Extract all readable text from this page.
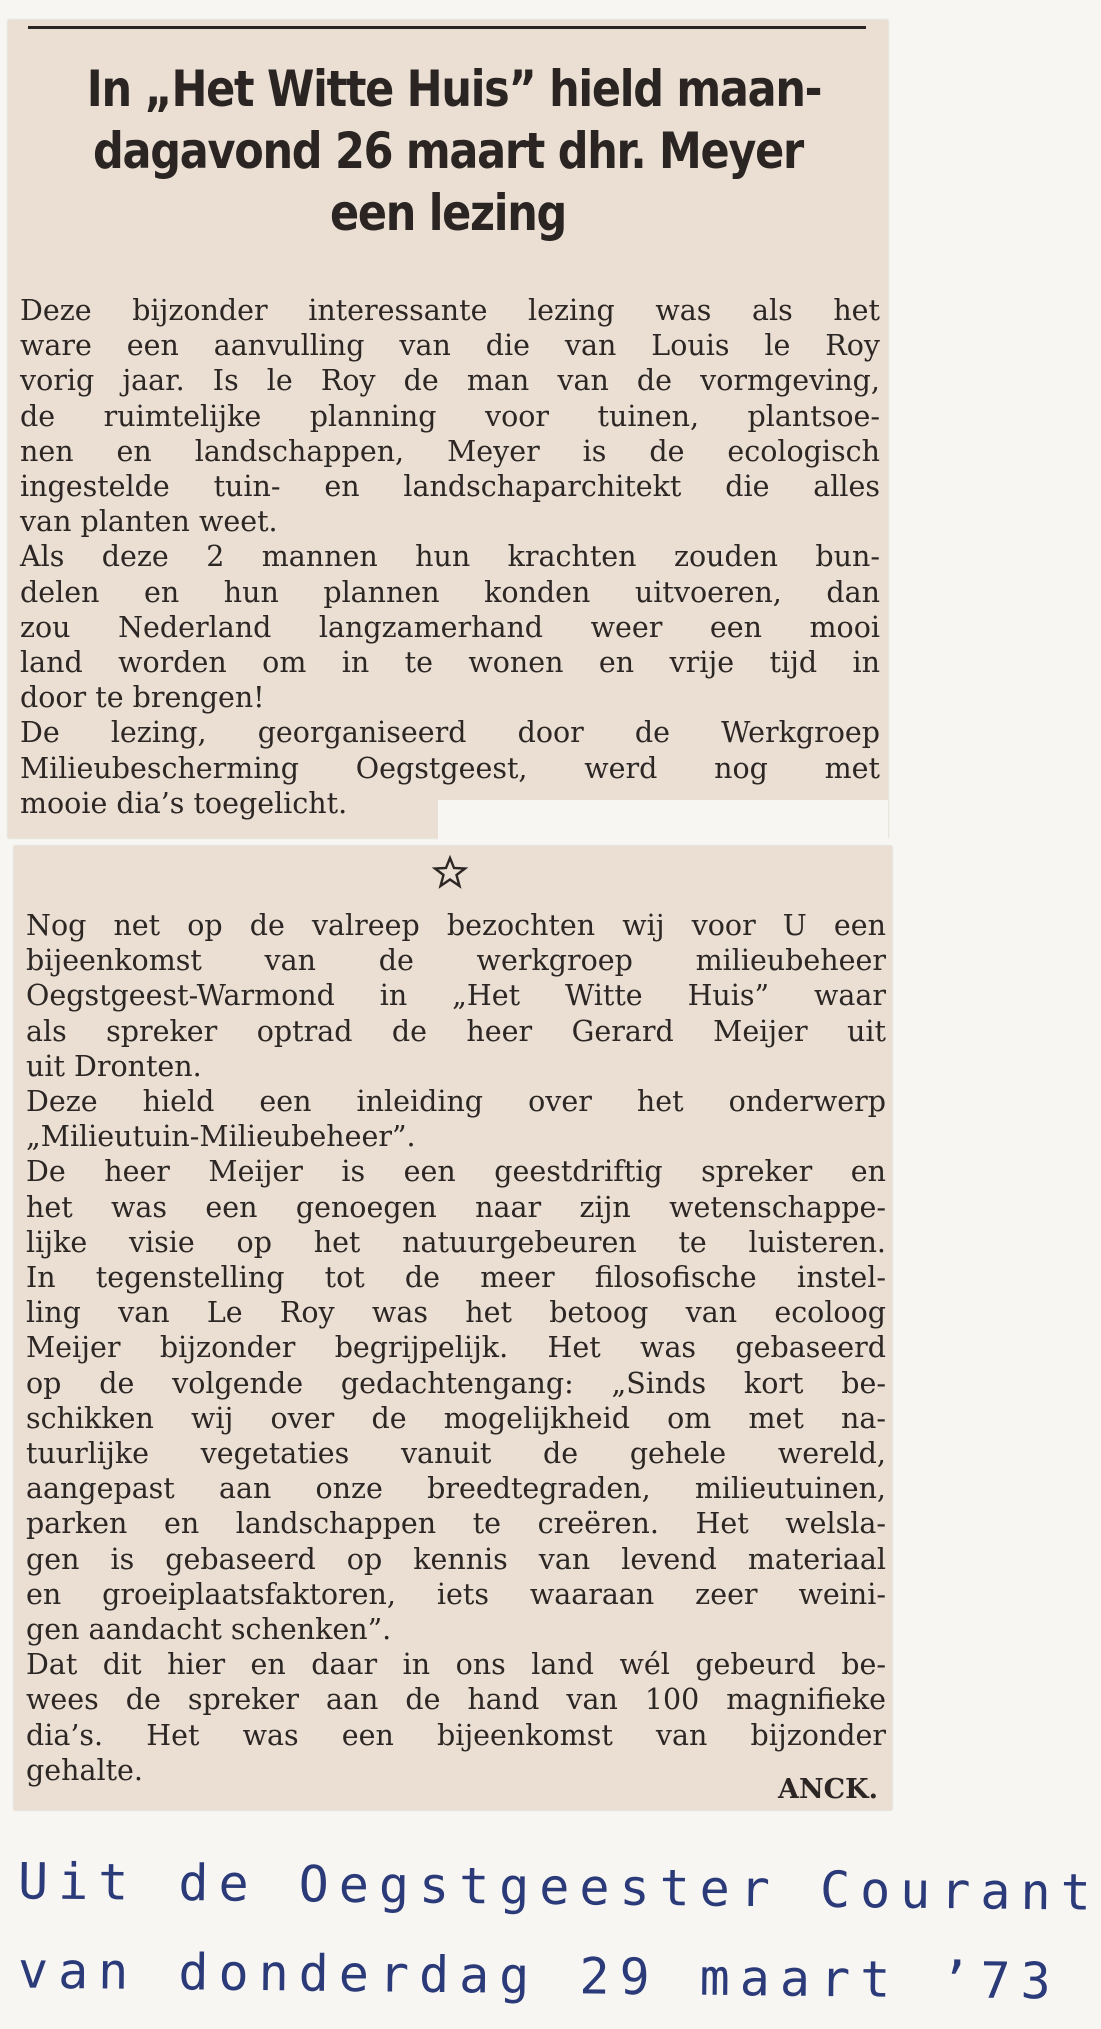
In „Het Witte Huis” hield maan-
dagavond 26 maart dhr. Meyer
een lezing
Deze bijzonder interessante lezing was als het
ware een aanvulling van die van Louis le Roy
vorig jaar. Is le Roy de man van de vormgeving,
de ruimtelijke planning voor tuinen, plantsoe-
nen en landschappen, Meyer is de ecologisch
ingestelde tuin- en landschaparchitekt die alles
van planten weet.
Als deze 2 mannen hun krachten zouden bun-
delen en hun plannen konden uitvoeren, dan
zou Nederland langzamerhand weer een mooi
land worden om in te wonen en vrije tijd in
door te brengen!
De lezing, georganiseerd door de Werkgroep
Milieubescherming Oegstgeest, werd nog met
mooie dia’s toegelicht.
Nog net op de valreep bezochten wij voor U een
bijeenkomst van de werkgroep milieubeheer
Oegstgeest-Warmond in „Het Witte Huis” waar
als spreker optrad de heer Gerard Meijer uit
uit Dronten.
Deze hield een inleiding over het onderwerp
„Milieutuin-Milieubeheer”.
De heer Meijer is een geestdriftig spreker en
het was een genoegen naar zijn wetenschappe-
lijke visie op het natuurgebeuren te luisteren.
In tegenstelling tot de meer filosofische instel-
ling van Le Roy was het betoog van ecoloog
Meijer bijzonder begrijpelijk. Het was gebaseerd
op de volgende gedachtengang: „Sinds kort be-
schikken wij over de mogelijkheid om met na-
tuurlijke vegetaties vanuit de gehele wereld,
aangepast aan onze breedtegraden, milieutuinen,
parken en landschappen te creëren. Het welsla-
gen is gebaseerd op kennis van levend materiaal
en groeiplaatsfaktoren, iets waaraan zeer weini-
gen aandacht schenken”.
Dat dit hier en daar in ons land wél gebeurd be-
wees de spreker aan de hand van 100 magnifieke
dia’s. Het was een bijeenkomst van bijzonder
gehalte.
ANCK.
Uit de Oegstgeester Courant
van donderdag 29 maart ’73
